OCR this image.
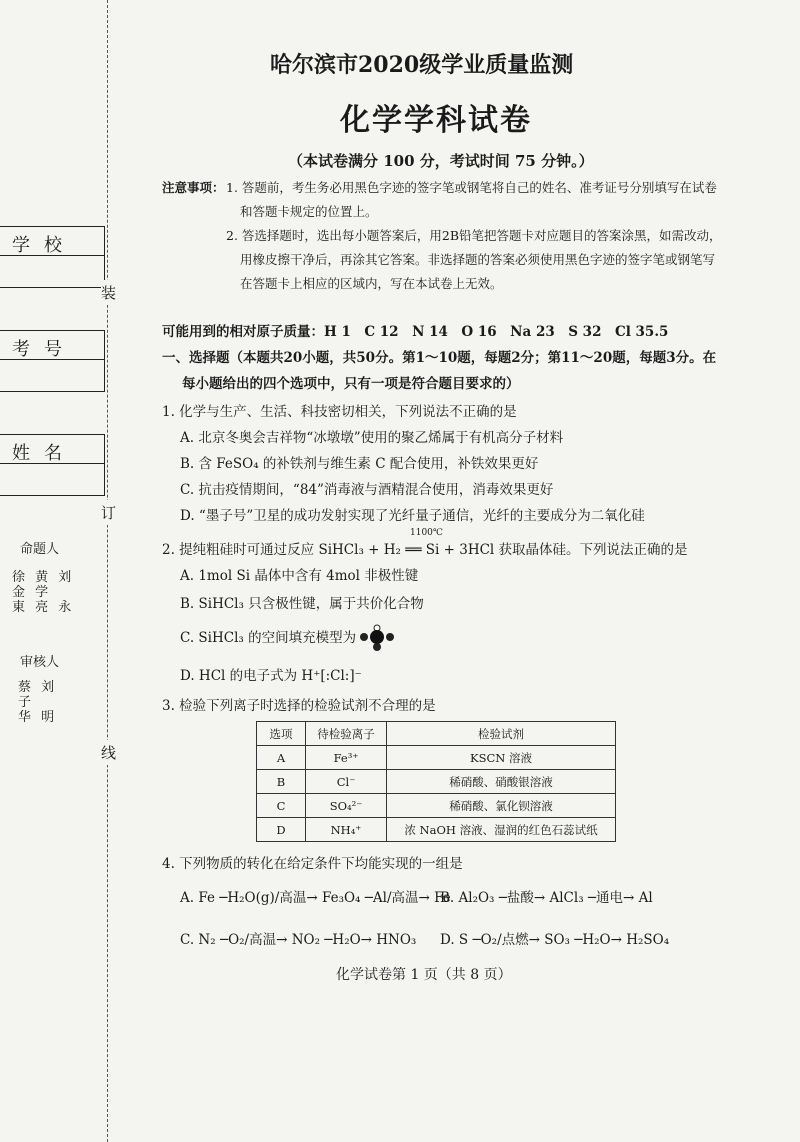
学校
考号
姓名
装
订
线
命题人
徐 黄 刘
金 学
東 亮 永
审核人
蔡 刘
子
华 明
哈尔滨市2020级学业质量监测
化学学科试卷
（本试卷满分 100 分，考试时间 75 分钟。）
注意事项： 1. 答题前，考生务必用黑色字迹的签字笔或钢笔将自己的姓名、准考证号分别填写在试卷
和答题卡规定的位置上。
2. 答选择题时，选出每小题答案后，用2B铅笔把答题卡对应题目的答案涂黑，如需改动，
用橡皮擦干净后，再涂其它答案。非选择题的答案必须使用黑色字迹的签字笔或钢笔写
在答题卡上相应的区域内，写在本试卷上无效。
可能用到的相对原子质量：H 1　C 12　N 14　O 16　Na 23　S 32　Cl 35.5
一、选择题（本题共20小题，共50分。第1～10题，每题2分；第11～20题，每题3分。在
每小题给出的四个选项中，只有一项是符合题目要求的）
1. 化学与生产、生活、科技密切相关，下列说法不正确的是
A. 北京冬奥会吉祥物“冰墩墩”使用的聚乙烯属于有机高分子材料
B. 含 FeSO₄ 的补铁剂与维生素 C 配合使用，补铁效果更好
C. 抗击疫情期间，“84”消毒液与酒精混合使用，消毒效果更好
D. “墨子号”卫星的成功发射实现了光纤量子通信，光纤的主要成分为二氧化硅
1100℃
2. 提纯粗硅时可通过反应 SiHCl₃ + H₂ ══ Si + 3HCl 获取晶体硅。下列说法正确的是
A. 1mol Si 晶体中含有 4mol 非极性键
B. SiHCl₃ 只含极性键，属于共价化合物
C. SiHCl₃ 的空间填充模型为
D. HCl 的电子式为 H⁺[:Cl:]⁻
3. 检验下列离子时选择的检验试剂不合理的是
选项	待检验离子	检验试剂
A	Fe³⁺	KSCN 溶液
B	Cl⁻	稀硝酸、硝酸银溶液
C	SO₄²⁻	稀硝酸、氯化钡溶液
D	NH₄⁺	浓 NaOH 溶液、湿润的红色石蕊试纸
4. 下列物质的转化在给定条件下均能实现的一组是
A. Fe ─H₂O(g)/高温→ Fe₃O₄ ─Al/高温→ Fe
B. Al₂O₃ ─盐酸→ AlCl₃ ─通电→ Al
C. N₂ ─O₂/高温→ NO₂ ─H₂O→ HNO₃ D. S ─O₂/点燃→ SO₃ ─H₂O→ H₂SO₄
化学试卷第 1 页（共 8 页）
